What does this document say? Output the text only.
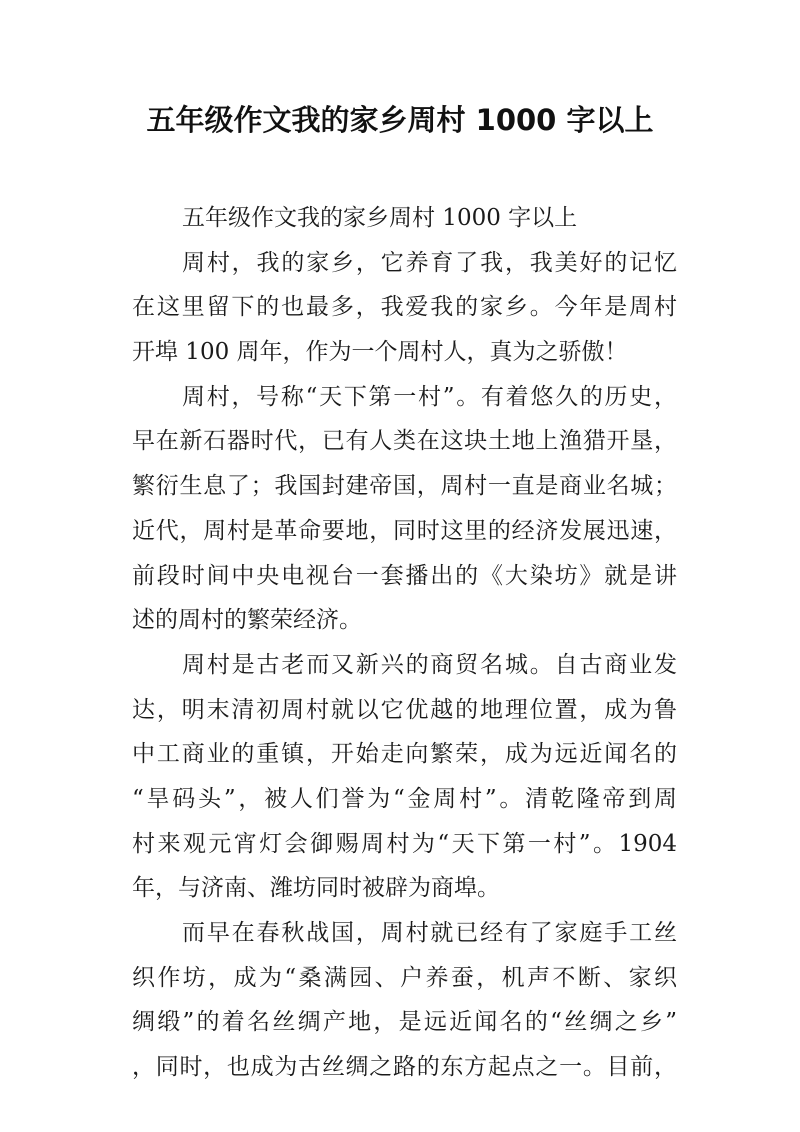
五年级作文我的家乡周村 1000 字以上
五年级作文我的家乡周村 1000 字以上
周村，我的家乡，它养育了我，我美好的记忆
在这里留下的也最多，我爱我的家乡。今年是周村
开埠 100 周年，作为一个周村人，真为之骄傲！
周村，号称“天下第一村”。有着悠久的历史，
早在新石器时代，已有人类在这块土地上渔猎开垦，
繁衍生息了；我国封建帝国，周村一直是商业名城；
近代，周村是革命要地，同时这里的经济发展迅速，
前段时间中央电视台一套播出的《大染坊》就是讲
述的周村的繁荣经济。
周村是古老而又新兴的商贸名城。自古商业发
达，明末清初周村就以它优越的地理位置，成为鲁
中工商业的重镇，开始走向繁荣，成为远近闻名的
“旱码头”，被人们誉为“金周村”。清乾隆帝到周
村来观元宵灯会御赐周村为“天下第一村”。1904
年，与济南、潍坊同时被辟为商埠。
而早在春秋战国，周村就已经有了家庭手工丝
织作坊，成为“桑满园、户养蚕，机声不断、家织
绸缎”的着名丝绸产地，是远近闻名的“丝绸之乡”
，同时，也成为古丝绸之路的东方起点之一。目前，
